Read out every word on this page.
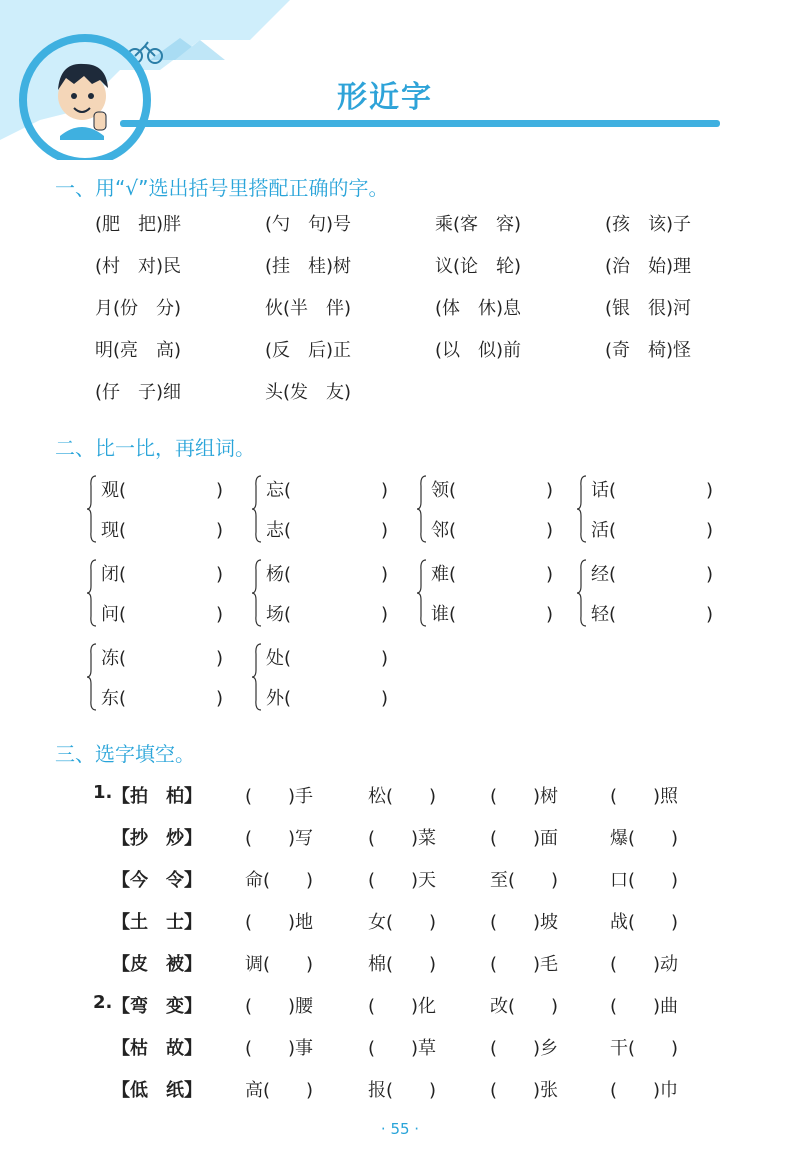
形近字
一、用“√”选出括号里搭配正确的字。
(肥　把)胖	(勺　句)号	乘(客　容)	(孩　该)子
(村　对)民	(挂　桂)树	议(论　轮)	(治　始)理
月(份　分)	伙(半　伴)	(体　休)息	(银　很)河
明(亮　高)	(反　后)正	(以　似)前	(奇　椅)怪
(仔　子)细	头(发　友)
二、比一比，再组词。
观(　　　　　)
现(　　　　　)
忘(　　　　　)
志(　　　　　)
领(　　　　　)
邻(　　　　　)
话(　　　　　)
活(　　　　　)
闭(　　　　　)
问(　　　　　)
杨(　　　　　)
场(　　　　　)
难(　　　　　)
谁(　　　　　)
经(　　　　　)
轻(　　　　　)
冻(　　　　　)
东(　　　　　)
处(　　　　　)
外(　　　　　)
三、选字填空。
1. 【拍　柏】 (　　)手	松(　　)	(　　)树	(　　)照
【抄　炒】 (　　)写	(　　)菜	(　　)面	爆(　　)
【今　令】 命(　　)	(　　)天	至(　　)	口(　　)
【土　士】 (　　)地	女(　　)	(　　)坡	战(　　)
【皮　被】 调(　　)	棉(　　)	(　　)毛	(　　)动
2. 【弯　变】 (　　)腰	(　　)化	改(　　)	(　　)曲
【枯　故】 (　　)事	(　　)草	(　　)乡	干(　　)
【低　纸】 高(　　)	报(　　)	(　　)张	(　　)巾
· 55 ·
